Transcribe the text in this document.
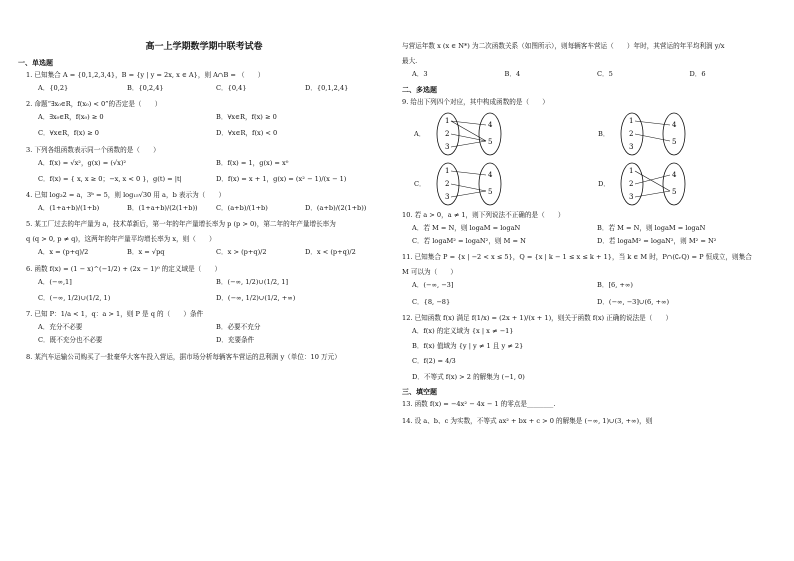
高一上学期数学期中联考试卷
一、单选题
1. 已知集合 A = {0,1,2,3,4}，B = {y | y = 2x, x ∈ A}，则 A∩B = （　　）
A．{0,2}	B．{0,2,4}	C．{0,4}	D．{0,1,2,4}
2. 命题“∃x₀∈R，f(x₀) < 0”的否定是（　　）
A．∃x₀∈R，f(x₀) ≥ 0	B．∀x∈R，f(x) ≥ 0
C．∀x∈R，f(x) ≥ 0	D．∀x∈R，f(x) < 0
3. 下列各组函数表示同一个函数的是（　　）
A．f(x) = √x²，g(x) = (√x)²	B．f(x) = 1，g(x) = x⁰
C．f(x) = { x, x ≥ 0；−x, x < 0 }，g(t) = |t|	D．f(x) = x + 1，g(x) = (x² − 1)/(x − 1)
4. 已知 log₃2 = a，3ᵇ = 5，则 log₁₅√30 用 a，b 表示为（　　）
A．(1+a+b)/(1+b)	B．(1+a+b)/(2(1+b))	C．(a+b)/(1+b)	D．(a+b)/(2(1+b))
5. 某工厂过去的年产量为 a，技术革新后，第一年的年产量增长率为 p (p > 0)，第二年的年产量增长率为
q (q > 0, p ≠ q)，这两年的年产量平均增长率为 x，则（　　）
A．x = (p+q)/2	B．x = √pq	C．x > (p+q)/2	D．x < (p+q)/2
6. 函数 f(x) = (1 − x)^(−1/2) + (2x − 1)⁰ 的定义域是（　　）
A．(−∞,1]	B．(−∞, 1/2)∪(1/2, 1]
C．(−∞, 1/2)∪(1/2, 1)	D．(−∞, 1/2)∪(1/2, +∞)
7. 已知 P：1/a < 1，q：a > 1，则 P 是 q 的（　　）条件
A．充分不必要	B．必要不充分
C．既不充分也不必要	D．充要条件
8. 某汽车运输公司购买了一批豪华大客车投入营运，据市场分析每辆客车营运的总利润 y（单位：10 万元）
与营运年数 x (x ∈ N*) 为二次函数关系（如图所示），则每辆客车营运（　　）年时，其营运的年平均利润 y/x
最大.
A．3	B．4	C．5	D．6
二、多选题
9. 给出下列四个对应，其中构成函数的是（　　）
A．
1
2
3
4
5
B．
1
2
3
4
5
C．
1
2
3
4
5
D．
1
2
3
4
5
10. 若 a > 0，a ≠ 1，则下列说法不正确的是（　　）
A．若 M = N，则 logaM = logaN	B．若 M = N，则 logaM = logaN
C．若 logaM² = logaN²，则 M = N	D．若 logaM² = logaN²，则 M² = N²
11. 已知集合 P = {x | −2 < x ≤ 5}，Q = {x | k − 1 ≤ x ≤ k + 1}，当 k ∈ M 时，P∩(∁ᵣQ) = P 恒成立，则集合
M 可以为（　　）
A．(−∞, −3]	B．[6, +∞)
C．{8, −8}	D．(−∞, −3]∪(6, +∞)
12. 已知函数 f(x) 满足 f(1/x) = (2x + 1)/(x + 1)，则关于函数 f(x) 正确的说法是（　　）
A．f(x) 的定义域为 {x | x ≠ −1}
B．f(x) 值域为 {y | y ≠ 1 且 y ≠ 2}
C．f(2) = 4/3
D．不等式 f(x) > 2 的解集为 (−1, 0)
三、填空题
13. 函数 f(x) = −4x² − 4x − 1 的零点是________.
14. 设 a、b、c 为实数，不等式 ax² + bx + c > 0 的解集是 (−∞, 1)∪(3, +∞)，则
